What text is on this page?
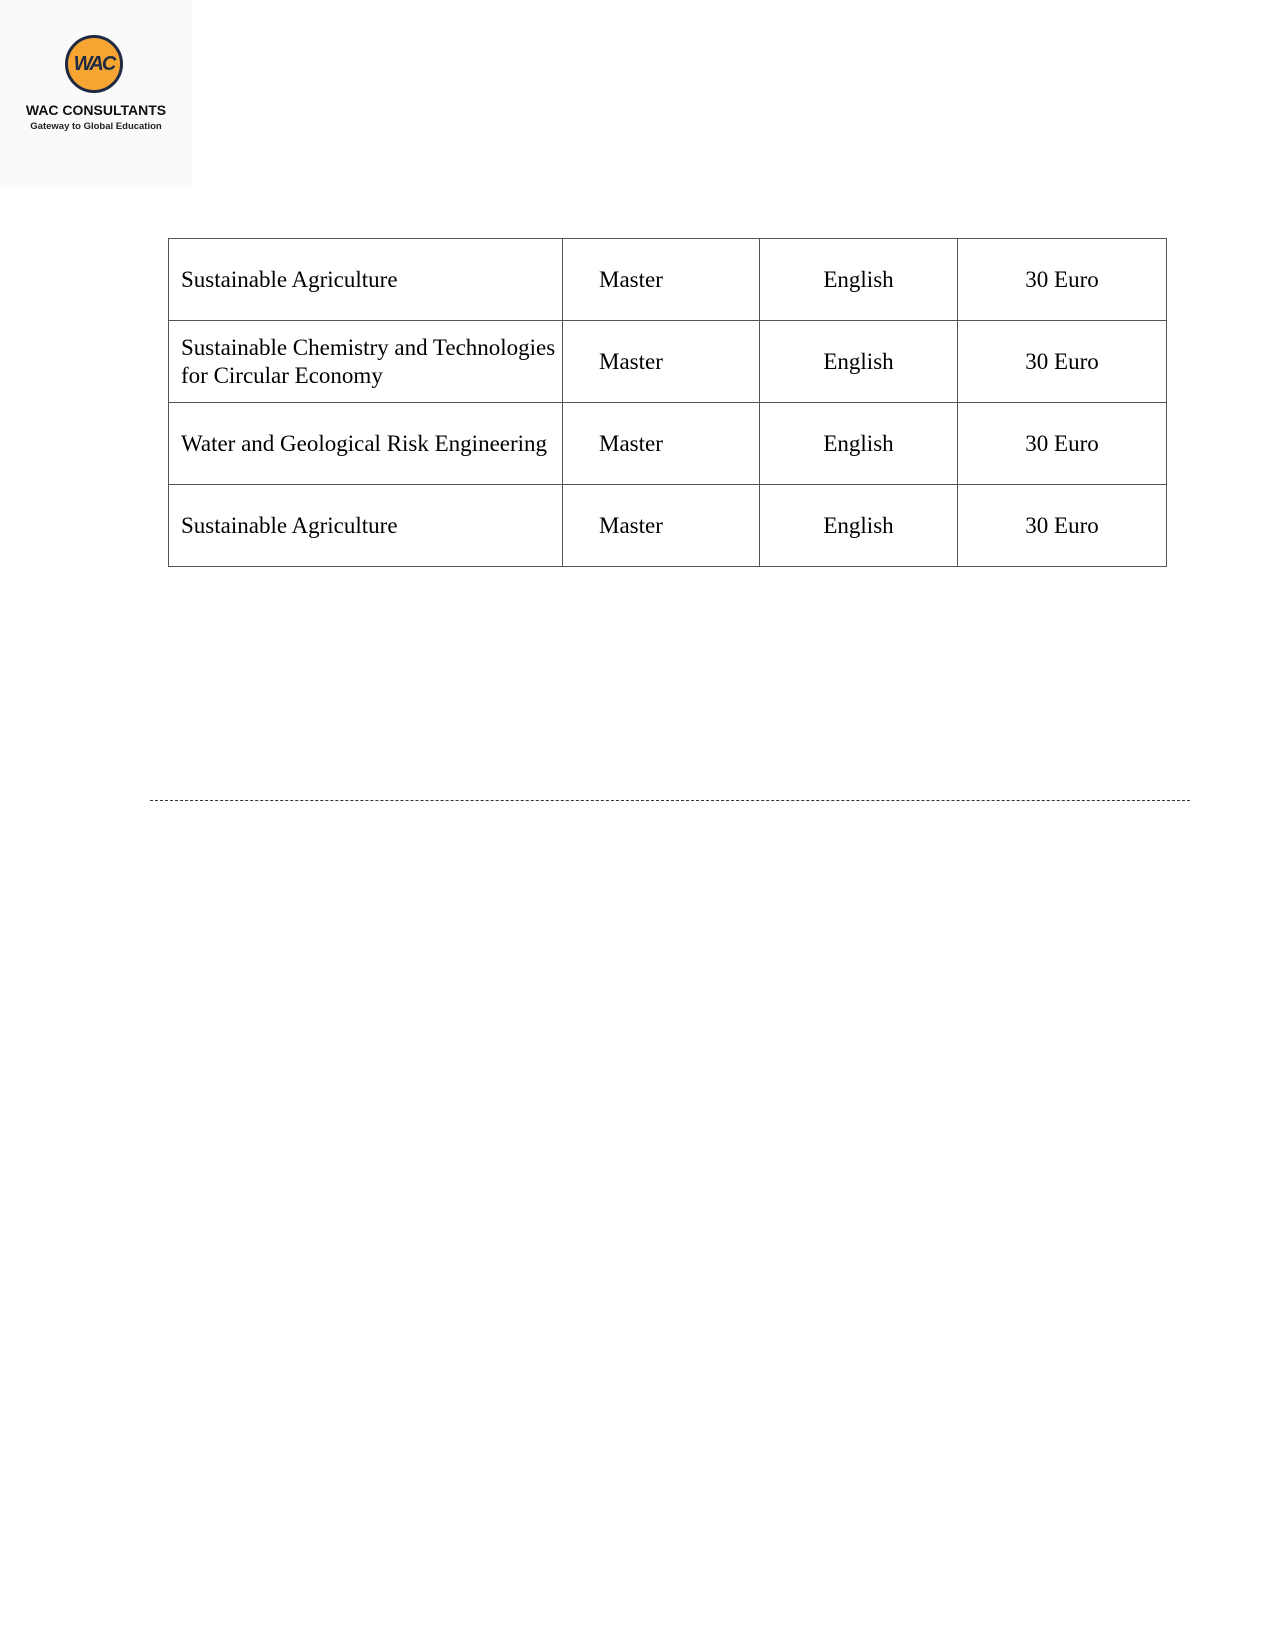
WAC
WAC CONSULTANTS
Gateway to Global Education
Sustainable Agriculture	Master	English	30 Euro
Sustainable Chemistry and Technologies for Circular Economy	Master	English	30 Euro
Water and Geological Risk Engineering	Master	English	30 Euro
Sustainable Agriculture	Master	English	30 Euro
